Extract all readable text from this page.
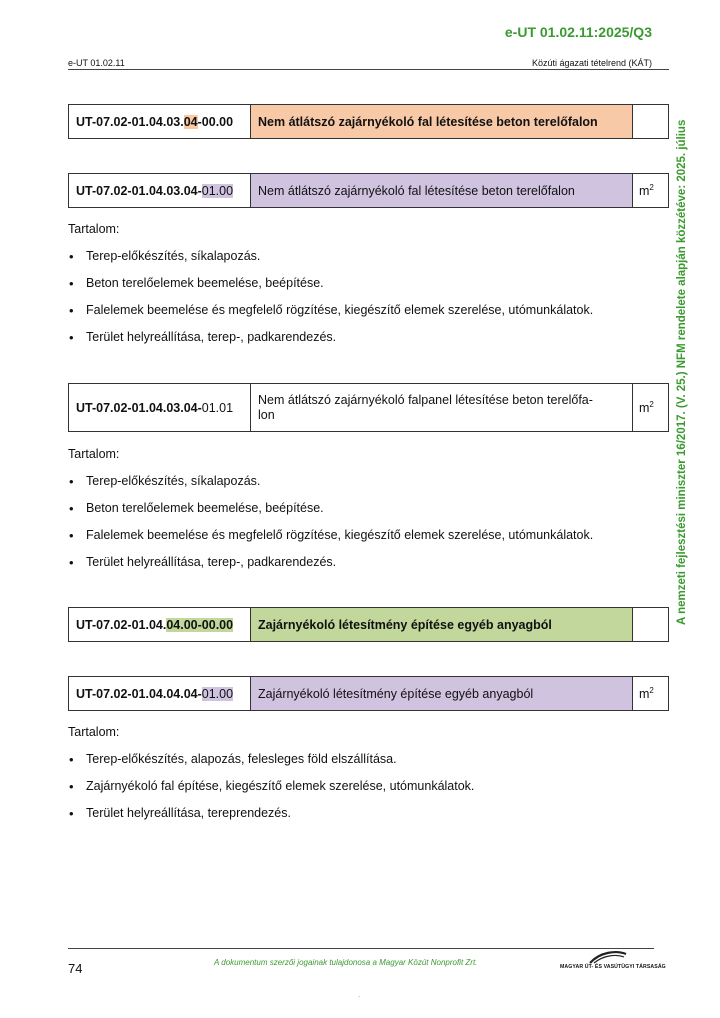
e-UT 01.02.11:2025/Q3
e-UT 01.02.11	Közúti ágazati tételrend (KÁT)
A nemzeti fejlesztési miniszter 16/2017. (V. 25.) NFM rendelete alapján közzétéve: 2025. július
UT-07.02-01.04.03.04-00.00	Nem átlátszó zajárnyékoló fal létesítése beton terelőfalon	
UT-07.02-01.04.03.04-01.00	Nem átlátszó zajárnyékoló fal létesítése beton terelőfalon	$m^2$
Tartalom:
• Terep-előkészítés, síkalapozás.
• Beton terelőelemek beemelése, beépítése.
• Falelemek beemelése és megfelelő rögzítése, kiegészítő elemek szerelése, utómunkálatok.
• Terület helyreállítása, terep-, padkarendezés.
UT-07.02-01.04.03.04-01.01	Nem átlátszó zajárnyékoló falpanel létesítése beton terelőfa-
lon	$m^2$
Tartalom:
• Terep-előkészítés, síkalapozás.
• Beton terelőelemek beemelése, beépítése.
• Falelemek beemelése és megfelelő rögzítése, kiegészítő elemek szerelése, utómunkálatok.
• Terület helyreállítása, terep-, padkarendezés.
UT-07.02-01.04.04.00-00.00	Zajárnyékoló létesítmény építése egyéb anyagból	
UT-07.02-01.04.04.04-01.00	Zajárnyékoló létesítmény építése egyéb anyagból	$m^2$
Tartalom:
• Terep-előkészítés, alapozás, felesleges föld elszállítása.
• Zajárnyékoló fal építése, kiegészítő elemek szerelése, utómunkálatok.
• Terület helyreállítása, tereprendezés.
74	A dokumentum szerzői jogainak tulajdonosa a Magyar Közút Nonprofit Zrt.	MAGYAR ÚT- ÉS VASÚTÜGYI TÁRSASÁG
.
